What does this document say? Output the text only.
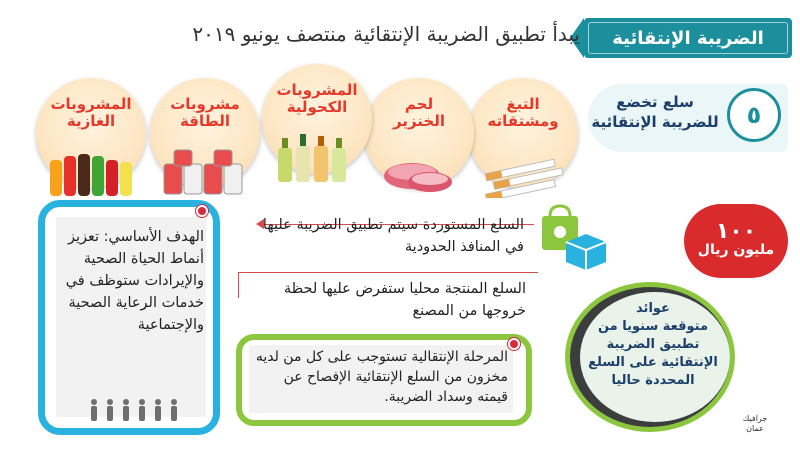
الضريبة الإنتقائية
يبدأ تطبيق الضريبة الإنتقائية منتصف يونيو ٢٠١٩
٥
سلع تخضع
للضريبة الإنتقائية
التبغ
ومشتقاته
لحم
الخنزير
المشروبات
الكحولية
مشروبات
الطاقة
المشروبات
الغازية
الهدف الأساسي: تعزيز أنماط الحياة الصحية والإيرادات ستوظف في خدمات الرعاية الصحية والإجتماعية
السلع المستوردة سيتم تطبيق الضريبة عليها في المنافذ الحدودية
السلع المنتجة محليا ستفرض عليها لحظة خروجها من المصنع
المرحلة الإنتقالية تستوجب على كل من لديه مخزون من السلع الإنتقائية الإفصاح عن قيمته وسداد الضريبة.
١٠٠
مليون ريال
عوائد
متوقعة سنويا من
تطبيق الضريبة
الإنتقائية على السلع
المحددة حاليا
جرافيك عمان
